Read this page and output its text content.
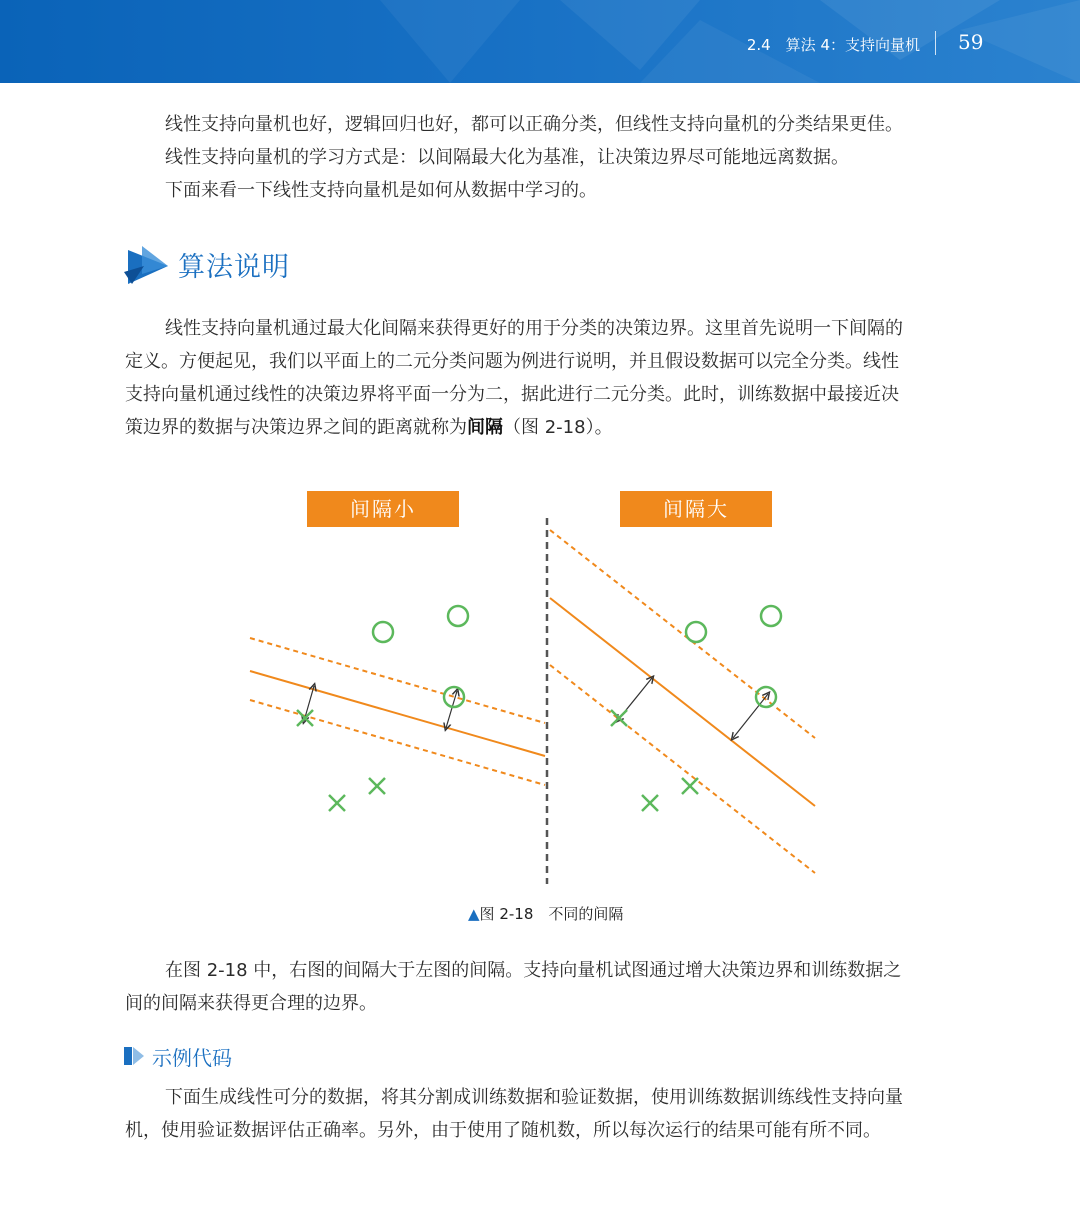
2.4　算法 4：支持向量机 59
线性支持向量机也好，逻辑回归也好，都可以正确分类，但线性支持向量机的分类结果更佳。
线性支持向量机的学习方式是：以间隔最大化为基准，让决策边界尽可能地远离数据。
下面来看一下线性支持向量机是如何从数据中学习的。
算法说明
线性支持向量机通过最大化间隔来获得更好的用于分类的决策边界。这里首先说明一下间隔的
定义。方便起见，我们以平面上的二元分类问题为例进行说明，并且假设数据可以完全分类。线性
支持向量机通过线性的决策边界将平面一分为二，据此进行二元分类。此时，训练数据中最接近决
策边界的数据与决策边界之间的距离就称为间隔（图 2-18）。
间隔小	间隔大
▲图 2-18　不同的间隔
在图 2-18 中，右图的间隔大于左图的间隔。支持向量机试图通过增大决策边界和训练数据之
间的间隔来获得更合理的边界。
示例代码
下面生成线性可分的数据，将其分割成训练数据和验证数据，使用训练数据训练线性支持向量
机，使用验证数据评估正确率。另外，由于使用了随机数，所以每次运行的结果可能有所不同。
